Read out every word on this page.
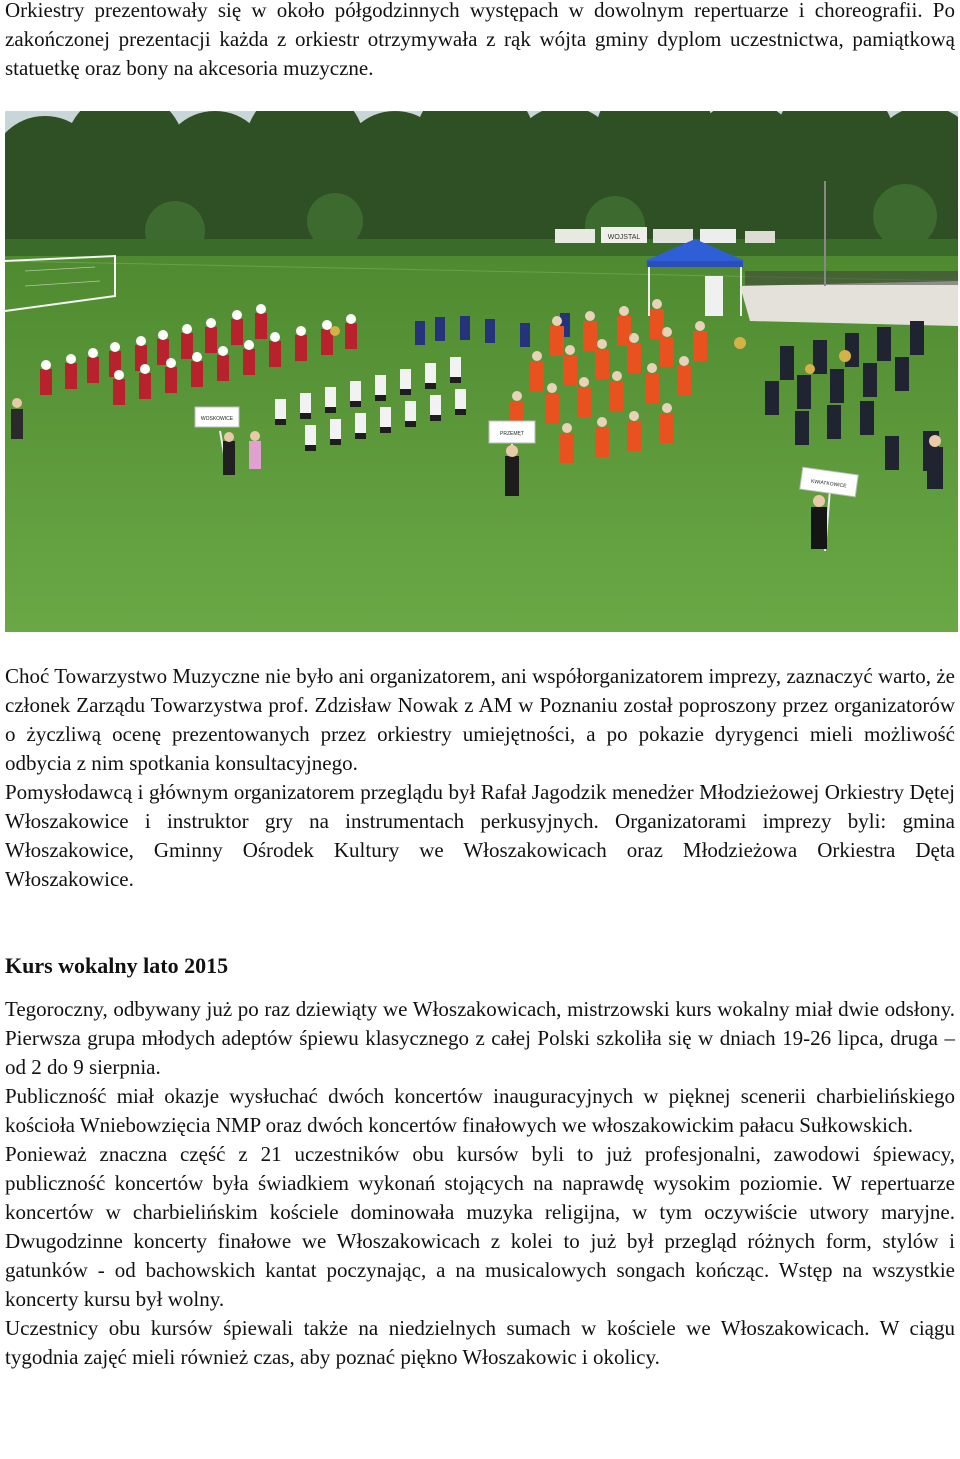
Orkiestry prezentowały się w około półgodzinnych występach w dowolnym repertuarze i choreografii. Po zakończonej prezentacji każda z orkiestr otrzymywała z rąk wójta gminy dyplom uczestnictwa, pamiątkową statuetkę oraz bony na akcesoria muzyczne.

WOJSTAL
WOSKOWICE
PRZEMĘT
KWIATKOWICE

Choć Towarzystwo Muzyczne nie było ani organizatorem, ani współorganizatorem imprezy, zaznaczyć warto, że członek Zarządu Towarzystwa prof. Zdzisław Nowak z AM w Poznaniu został poproszony przez organizatorów o życzliwą ocenę prezentowanych przez orkiestry umiejętności, a po pokazie dyrygenci mieli możliwość odbycia z nim spotkania konsultacyjnego.

Pomysłodawcą i głównym organizatorem przeglądu był Rafał Jagodzik menedżer Młodzieżowej Orkiestry Dętej Włoszakowice i instruktor gry na instrumentach perkusyjnych. Organizatorami imprezy byli: gmina Włoszakowice, Gminny Ośrodek Kultury we Włoszakowicach oraz Młodzieżowa Orkiestra Dęta Włoszakowice.

Kurs wokalny lato 2015

Tegoroczny, odbywany już po raz dziewiąty we Włoszakowicach, mistrzowski kurs wokalny miał dwie odsłony. Pierwsza grupa młodych adeptów śpiewu klasycznego z całej Polski szkoliła się w dniach 19-26 lipca, druga – od 2 do 9 sierpnia.

Publiczność miał okazje wysłuchać dwóch koncertów inauguracyjnych w pięknej scenerii charbielińskiego kościoła Wniebowzięcia NMP oraz dwóch koncertów finałowych we włoszakowickim pałacu Sułkowskich.

Ponieważ znaczna część z 21 uczestników obu kursów byli to już profesjonalni, zawodowi śpiewacy, publiczność koncertów była świadkiem wykonań stojących na naprawdę wysokim poziomie. W repertuarze koncertów w charbielińskim kościele dominowała muzyka religijna, w tym oczywiście utwory maryjne. Dwugodzinne koncerty finałowe we Włoszakowicach z kolei to już był przegląd różnych form, stylów i gatunków - od bachowskich kantat poczynając, a na musicalowych songach kończąc. Wstęp na wszystkie koncerty kursu był wolny.

Uczestnicy obu kursów śpiewali także na niedzielnych sumach w kościele we Włoszakowicach. W ciągu tygodnia zajęć mieli również czas, aby poznać piękno Włoszakowic i okolicy.
